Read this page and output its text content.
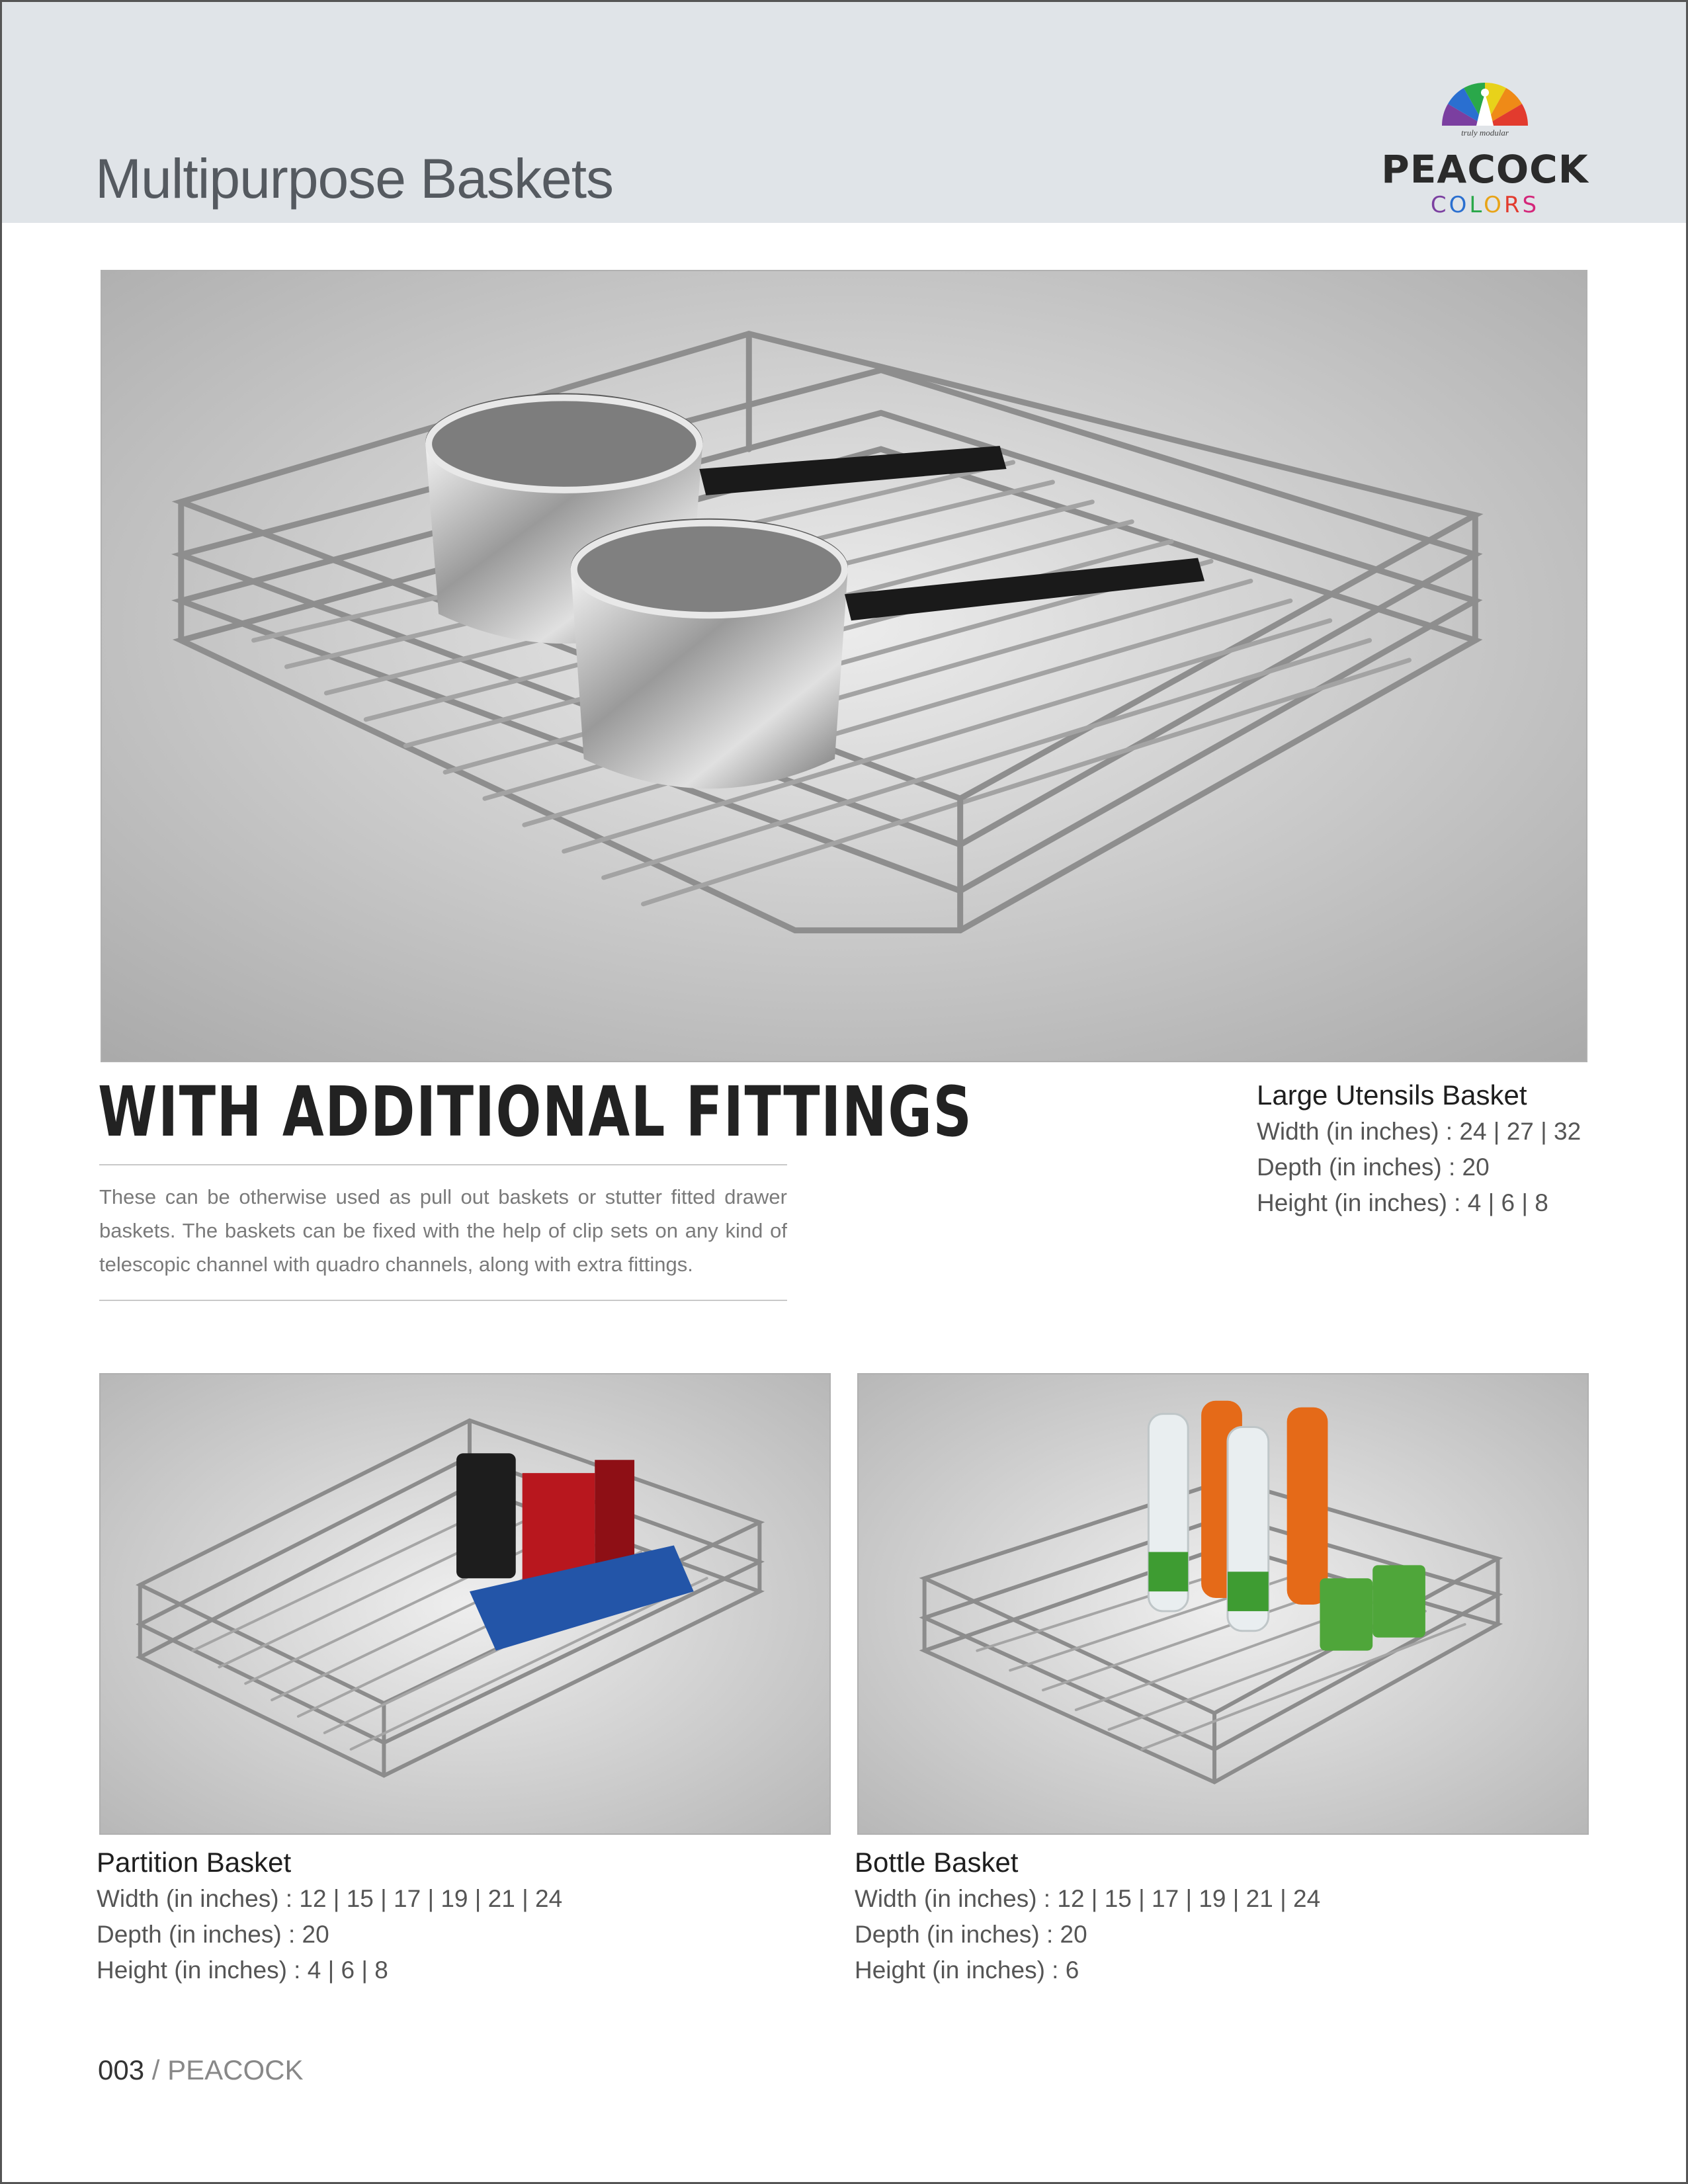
Multipurpose Baskets
truly modular
PEACOCK
COLORS
WITH ADDITIONAL FITTINGS

These can be otherwise used as pull out baskets or stutter fitted drawer baskets. The baskets can be fixed with the help of clip sets on any kind of telescopic channel with quadro channels, along with extra fittings.

Large Utensils Basket
Width (in inches) : 24 | 27 | 32
Depth (in inches) : 20
Height (in inches) : 4 | 6 | 8
Partition Basket
Width (in inches) : 12 | 15 | 17 | 19 | 21 | 24
Depth (in inches) : 20
Height (in inches) : 4 | 6 | 8
Bottle Basket
Width (in inches) : 12 | 15 | 17 | 19 | 21 | 24
Depth (in inches) : 20
Height (in inches) : 6
003 / PEACOCK
